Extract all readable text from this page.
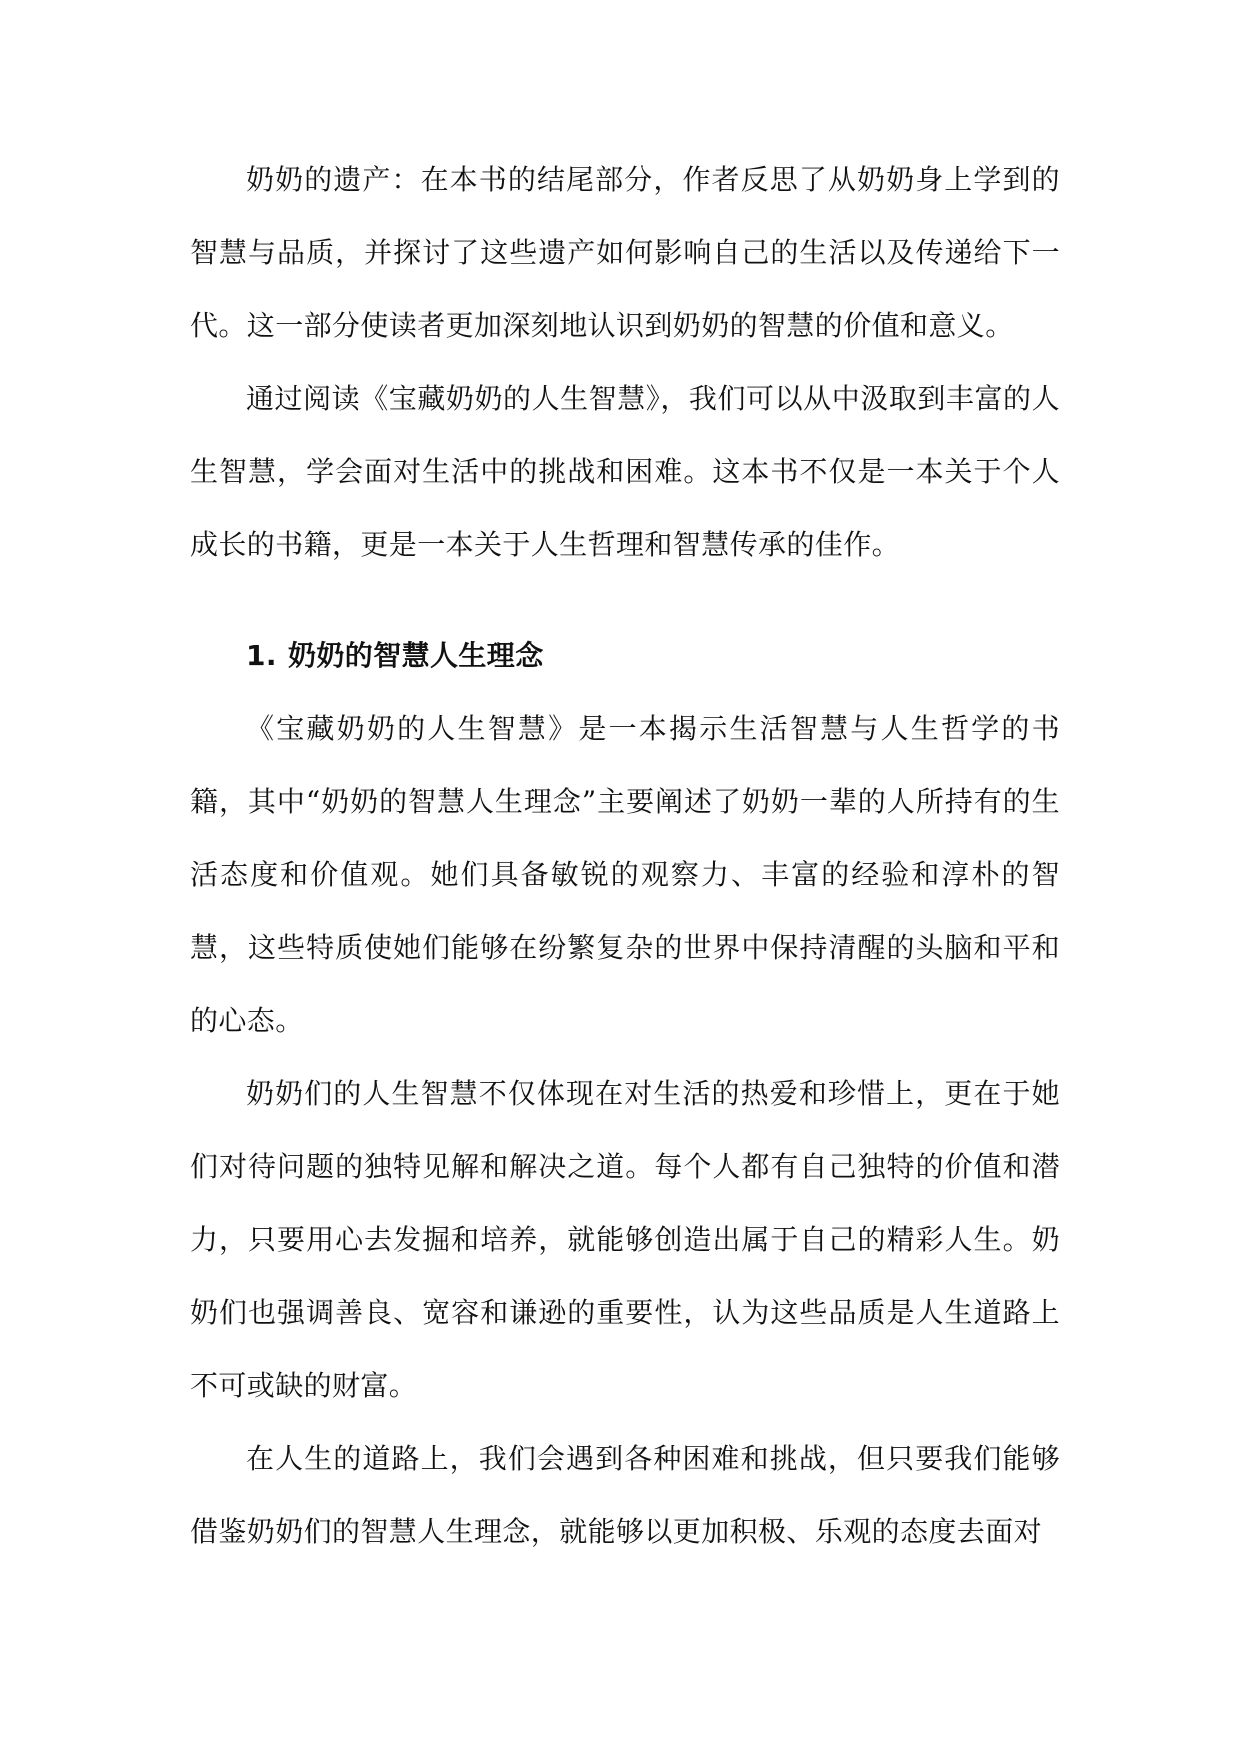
奶奶的遗产：在本书的结尾部分，作者反思了从奶奶身上学到的智慧与品质，并探讨了这些遗产如何影响自己的生活以及传递给下一代。这一部分使读者更加深刻地认识到奶奶的智慧的价值和意义。

通过阅读《宝藏奶奶的人生智慧》，我们可以从中汲取到丰富的人生智慧，学会面对生活中的挑战和困难。这本书不仅是一本关于个人成长的书籍，更是一本关于人生哲理和智慧传承的佳作。

1. 奶奶的智慧人生理念

《宝藏奶奶的人生智慧》是一本揭示生活智慧与人生哲学的书籍，其中“奶奶的智慧人生理念”主要阐述了奶奶一辈的人所持有的生活态度和价值观。她们具备敏锐的观察力、丰富的经验和淳朴的智慧，这些特质使她们能够在纷繁复杂的世界中保持清醒的头脑和平和的心态。

奶奶们的人生智慧不仅体现在对生活的热爱和珍惜上，更在于她们对待问题的独特见解和解决之道。每个人都有自己独特的价值和潜力，只要用心去发掘和培养，就能够创造出属于自己的精彩人生。奶奶们也强调善良、宽容和谦逊的重要性，认为这些品质是人生道路上不可或缺的财富。

在人生的道路上，我们会遇到各种困难和挑战，但只要我们能够借鉴奶奶们的智慧人生理念，就能够以更加积极、乐观的态度去面对
